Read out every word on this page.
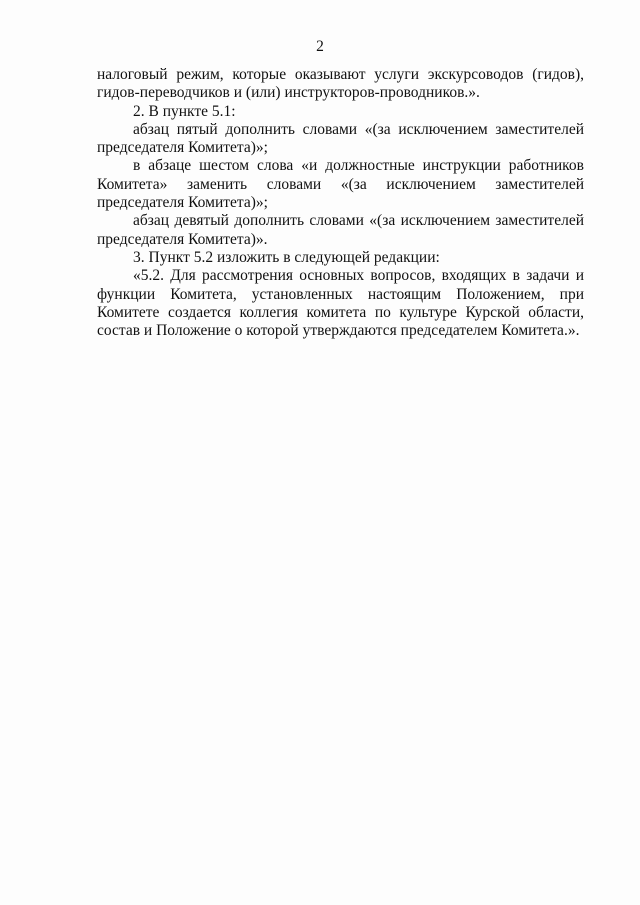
2

налоговый режим, которые оказывают услуги экскурсоводов (гидов), гидов-переводчиков и (или) инструкторов-проводников.».

2. В пункте 5.1:

абзац пятый дополнить словами «(за исключением заместителей председателя Комитета)»;

в абзаце шестом слова «и должностные инструкции работников Комитета» заменить словами «(за исключением заместителей председателя Комитета)»;

абзац девятый дополнить словами «(за исключением заместителей председателя Комитета)».

3. Пункт 5.2 изложить в следующей редакции:

«5.2. Для рассмотрения основных вопросов, входящих в задачи и функции Комитета, установленных настоящим Положением, при Комитете создается коллегия комитета по культуре Курской области, состав и Положение о которой утверждаются председателем Комитета.».
